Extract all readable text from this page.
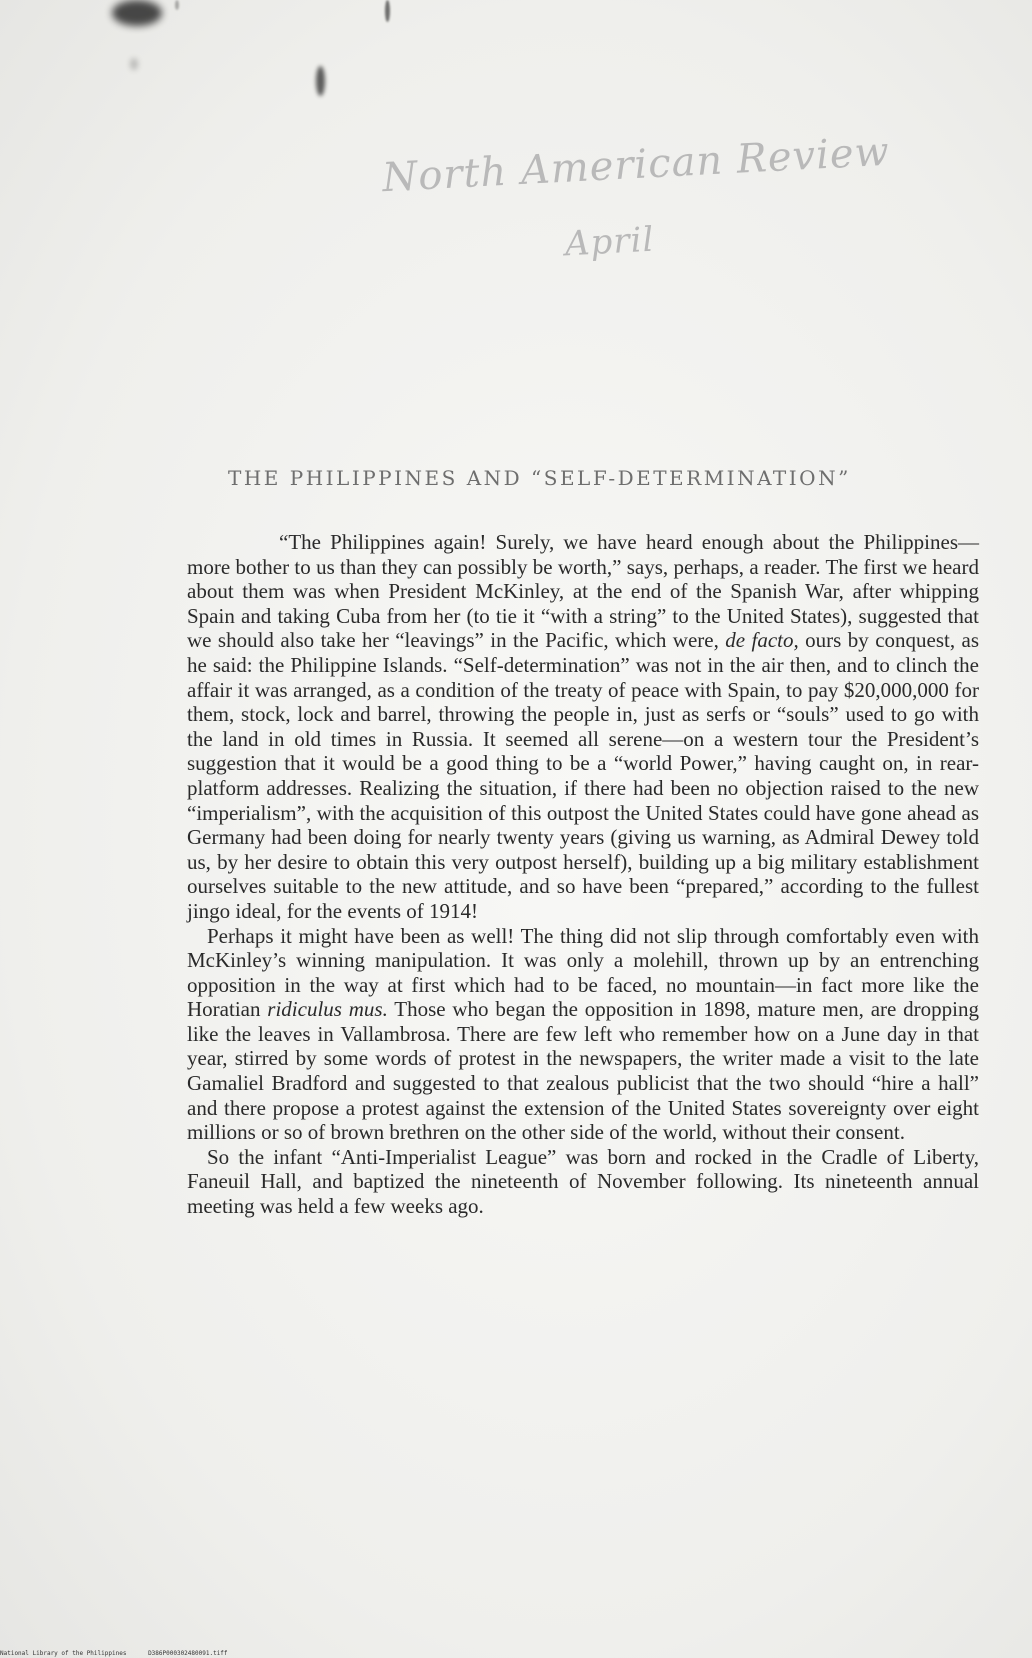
North American Review
April
THE PHILIPPINES AND “SELF-DETERMINATION”

“The Philippines again! Surely, we have heard enough about the Philippines—more bother to us than they can possibly be worth,” says, perhaps, a reader. The first we heard about them was when President McKinley, at the end of the Spanish War, after whipping Spain and taking Cuba from her (to tie it “with a string” to the United States), suggested that we should also take her “leavings” in the Pacific, which were, de facto, ours by conquest, as he said: the Philippine Islands. “Self-determination” was not in the air then, and to clinch the affair it was arranged, as a condition of the treaty of peace with Spain, to pay $20,000,000 for them, stock, lock and barrel, throwing the people in, just as serfs or “souls” used to go with the land in old times in Russia. It seemed all serene—on a western tour the President’s suggestion that it would be a good thing to be a “world Power,” having caught on, in rear-platform addresses. Realizing the situation, if there had been no objection raised to the new “imperialism”, with the acquisition of this outpost the United States could have gone ahead as Germany had been doing for nearly twenty years (giving us warning, as Admiral Dewey told us, by her desire to obtain this very outpost herself), building up a big military establishment ourselves suitable to the new attitude, and so have been “prepared,” according to the fullest jingo ideal, for the events of 1914!

Perhaps it might have been as well! The thing did not slip through comfortably even with McKinley’s winning manipulation. It was only a molehill, thrown up by an entrenching opposition in the way at first which had to be faced, no mountain—in fact more like the Horatian ridiculus mus. Those who began the opposition in 1898, mature men, are dropping like the leaves in Vallambrosa. There are few left who remember how on a June day in that year, stirred by some words of protest in the newspapers, the writer made a visit to the late Gamaliel Bradford and suggested to that zealous publicist that the two should “hire a hall” and there propose a protest against the extension of the United States sovereignty over eight millions or so of brown brethren on the other side of the world, without their consent.

So the infant “Anti-Imperialist League” was born and rocked in the Cradle of Liberty, Faneuil Hall, and baptized the nineteenth of November following. Its nineteenth annual meeting was held a few weeks ago.

National Library of the Philippines	D386P000302480091.tiff
